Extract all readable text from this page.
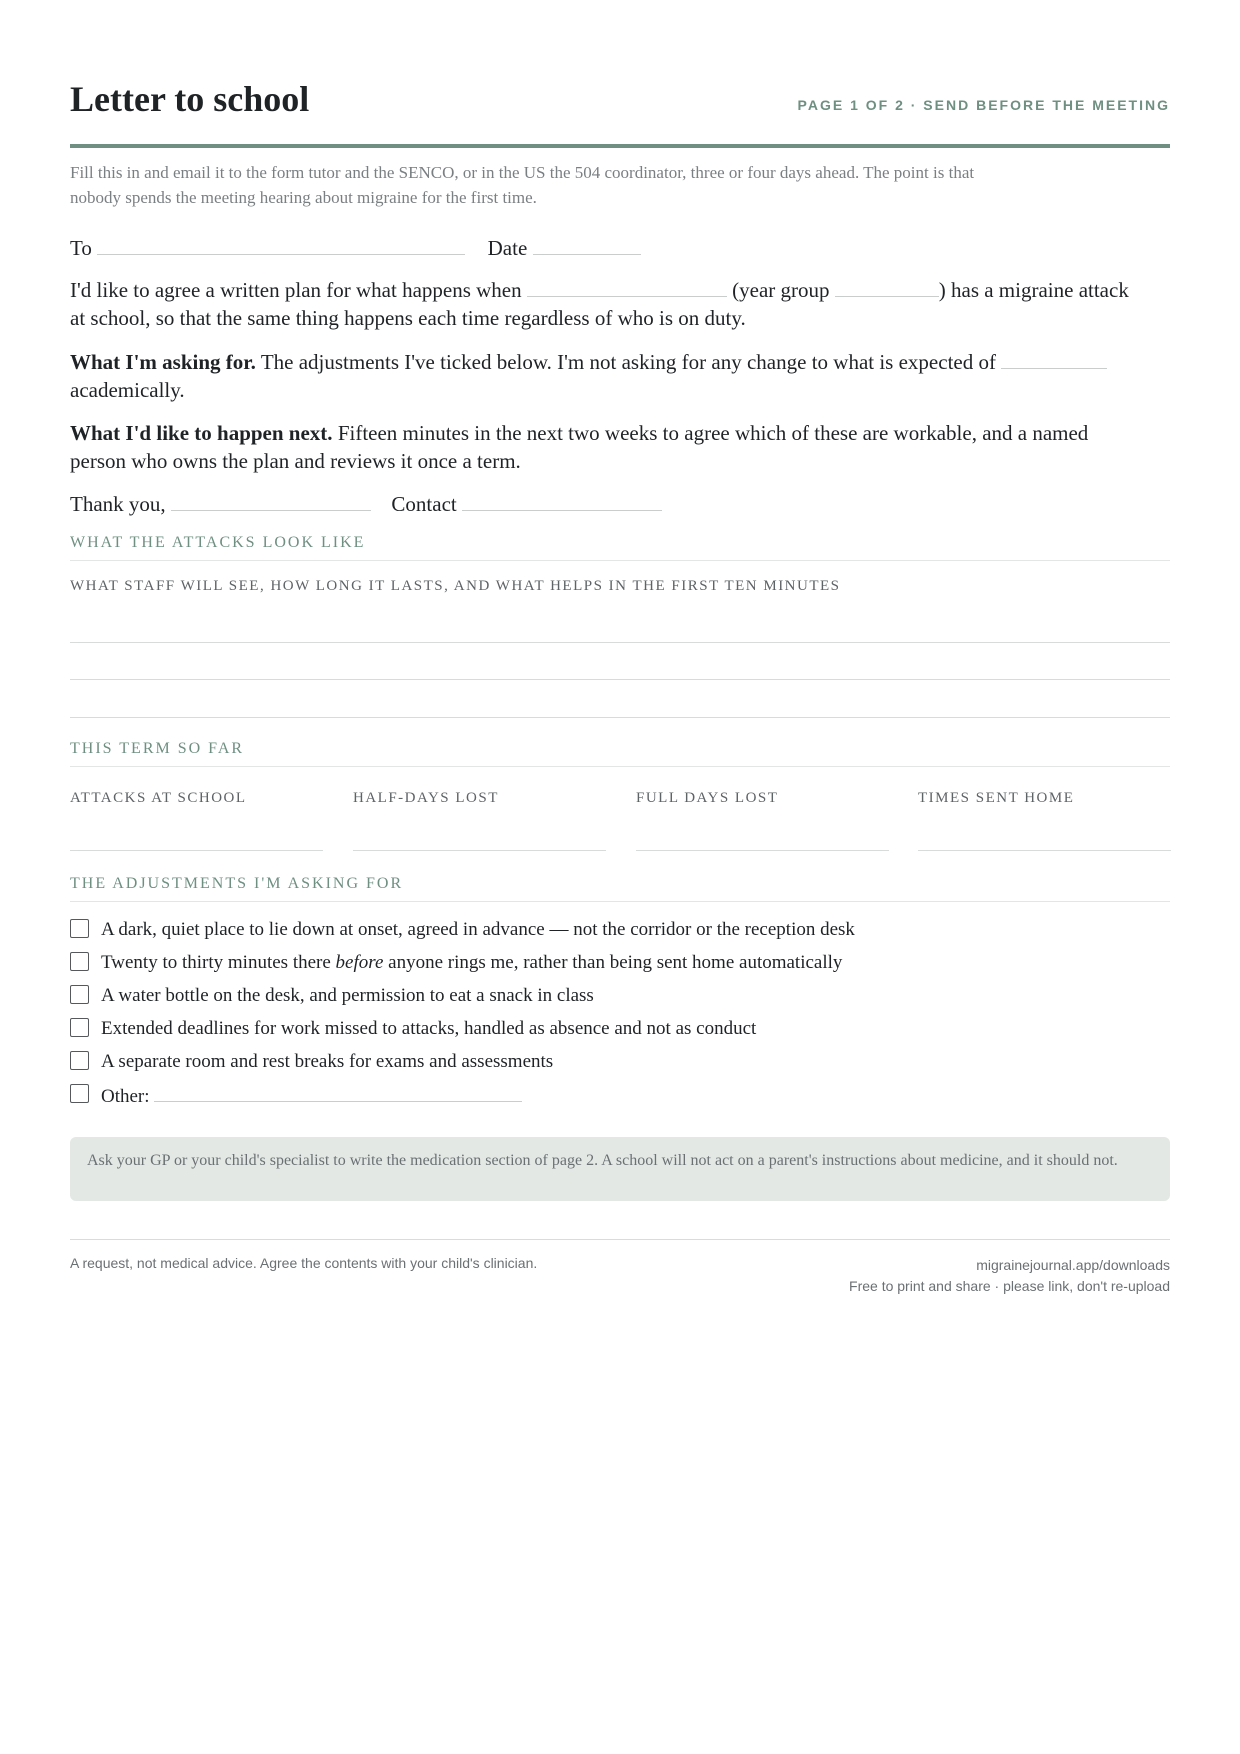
Letter to school	PAGE 1 OF 2 · SEND BEFORE THE MEETING
Fill this in and email it to the form tutor and the SENCO, or in the US the 504 coordinator, three or four days ahead. The point is that
nobody spends the meeting hearing about migraine for the first time.
To	Date
I'd like to agree a written plan for what happens when	(year group	) has a migraine attack
at school, so that the same thing happens each time regardless of who is on duty.
What I'm asking for. The adjustments I've ticked below. I'm not asking for any change to what is expected of
academically.
What I'd like to happen next. Fifteen minutes in the next two weeks to agree which of these are workable, and a named
person who owns the plan and reviews it once a term.
Thank you,	Contact
WHAT THE ATTACKS LOOK LIKE
WHAT STAFF WILL SEE, HOW LONG IT LASTS, AND WHAT HELPS IN THE FIRST TEN MINUTES
THIS TERM SO FAR
ATTACKS AT SCHOOL	HALF-DAYS LOST	FULL DAYS LOST	TIMES SENT HOME
THE ADJUSTMENTS I'M ASKING FOR
A dark, quiet place to lie down at onset, agreed in advance — not the corridor or the reception desk
Twenty to thirty minutes there before anyone rings me, rather than being sent home automatically
A water bottle on the desk, and permission to eat a snack in class
Extended deadlines for work missed to attacks, handled as absence and not as conduct
A separate room and rest breaks for exams and assessments
Other:
Ask your GP or your child's specialist to write the medication section of page 2. A school will not act on a parent's instructions about medicine, and it should not.
A request, not medical advice. Agree the contents with your child's clinician.	migrainejournal.app/downloads
Free to print and share · please link, don't re-upload
